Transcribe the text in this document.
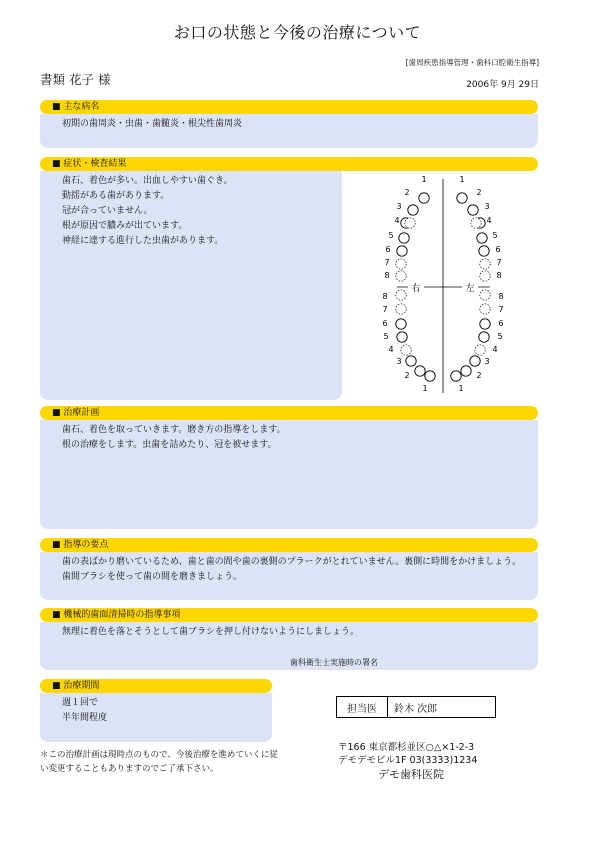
お口の状態と今後の治療について
書類 花子 様
[歯周疾患指導管理・歯科口腔衛生指導]
2006年 9月 29日
■ 主な病名
初期の歯周炎・虫歯・歯髄炎・根尖性歯周炎
■ 症状・検査結果
歯石、着色が多い。出血しやすい歯ぐき。
動揺がある歯があります。
冠が合っていません。
根が原因で膿みが出ています。
神経に達する進行した虫歯があります。
1	1
2	2
3	3
4	4
5	5
6	6
7	7
8	8
8	8
7	7
6	6
5	5
4	4
3	3
2	2
1	1
右	左
■ 治療計画
歯石、着色を取っていきます。磨き方の指導をします。
根の治療をします。虫歯を詰めたり、冠を被せます。
■ 指導の要点
歯の表ばかり磨いているため、歯と歯の間や歯の裏側のプラークがとれていません。裏側に時間をかけましょう。歯間ブラシを使って歯の間を磨きましょう。
■ 機械的歯面清掃時の指導事項
無理に着色を落とそうとして歯ブラシを押し付けないようにしましょう。
歯科衛生士実施時の署名
■ 治療期間
週１回で
半年間程度
＊この治療計画は現時点のもので、今後治療を進めていくに従い変更することもありますのでご了承下さい。
担当医	鈴木 次郎
〒166 東京都杉並区○△×1-2-3
デモデモビル1F 03(3333)1234
デモ歯科医院
